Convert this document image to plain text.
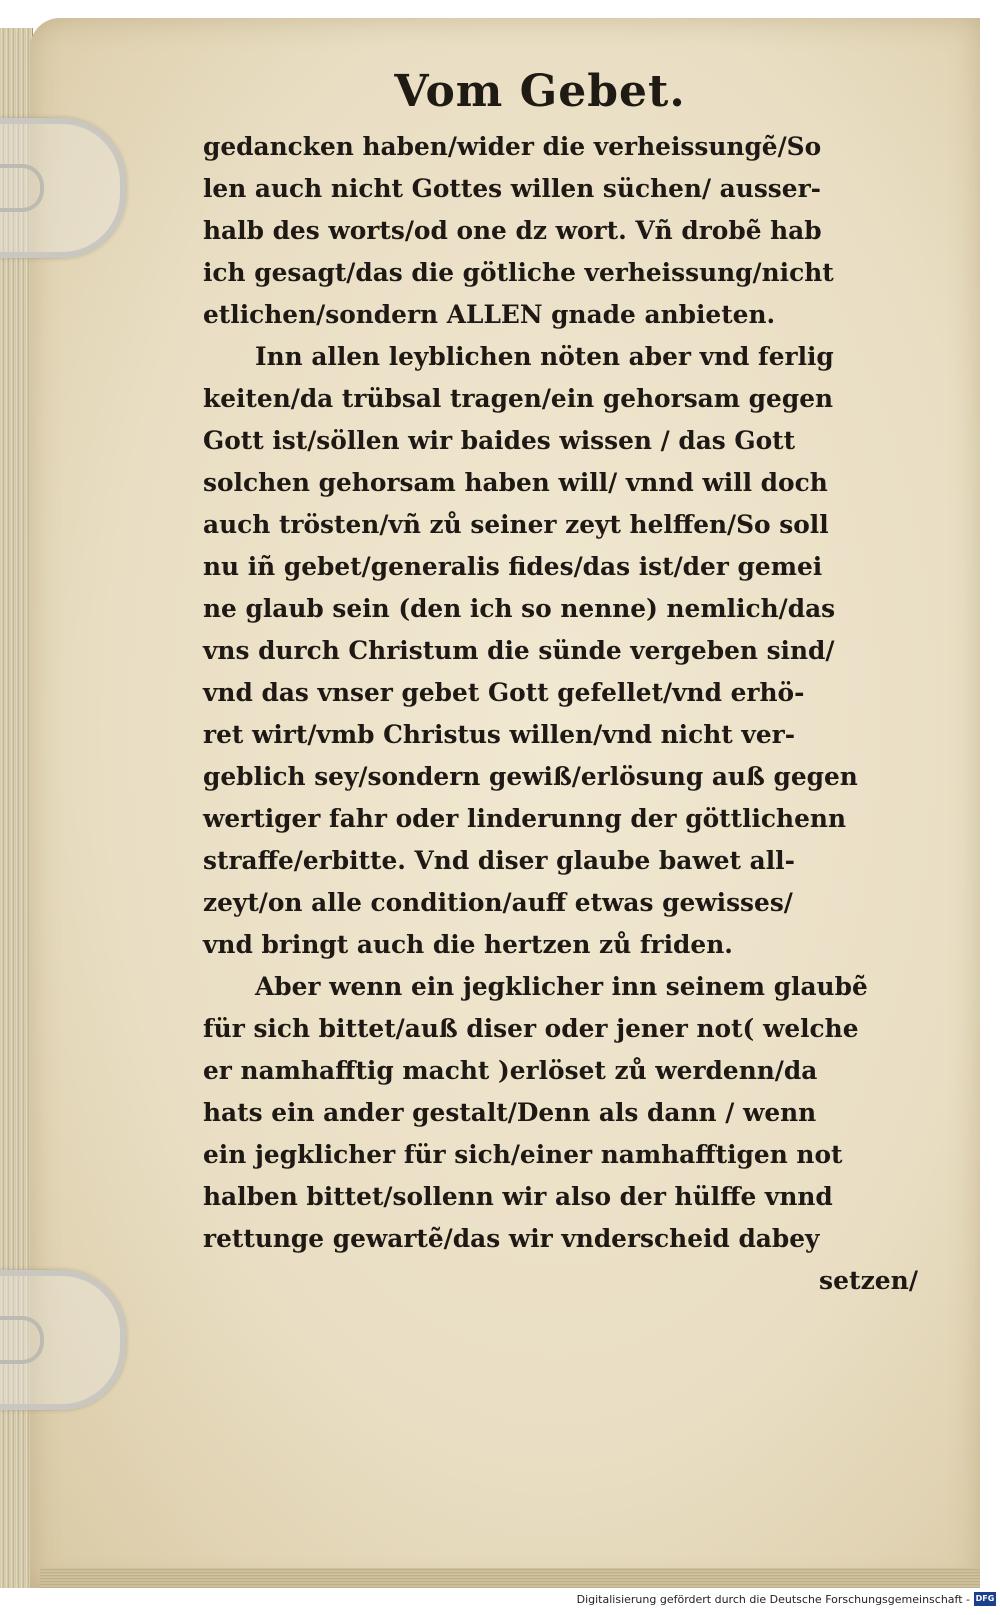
Vom Gebet.
gedancken haben/wider die verheissungẽ/So
len auch nicht Gottes willen süchen/ ausser-
halb des worts/od one dz wort. Vñ drobẽ hab
ich gesagt/das die götliche verheissung/nicht
etlichen/sondern ALLEN gnade anbieten.
Inn allen leyblichen nöten aber vnd ferlig
keiten/da trübsal tragen/ein gehorsam gegen
Gott ist/söllen wir baides wissen / das Gott
solchen gehorsam haben will/ vnnd will doch
auch trösten/vñ zů seiner zeyt helffen/So soll
nu iñ gebet/generalis fides/das ist/der gemei
ne glaub sein (den ich so nenne) nemlich/das
vns durch Christum die sünde vergeben sind/
vnd das vnser gebet Gott gefellet/vnd erhö-
ret wirt/vmb Christus willen/vnd nicht ver-
geblich sey/sondern gewiß/erlösung auß gegen
wertiger fahr oder linderunng der göttlichenn
straffe/erbitte. Vnd diser glaube bawet all-
zeyt/on alle condition/auff etwas gewisses/
vnd bringt auch die hertzen zů friden.
Aber wenn ein jegklicher inn seinem glaubẽ
für sich bittet/auß diser oder jener not( welche
er namhafftig macht )erlöset zů werdenn/da
hats ein ander gestalt/Denn als dann / wenn
ein jegklicher für sich/einer namhafftigen not
halben bittet/sollenn wir also der hülffe vnnd
rettunge gewartẽ/das wir vnderscheid dabey
setzen/
Digitalisierung gefördert durch die Deutsche Forschungsgemeinschaft - DFG
